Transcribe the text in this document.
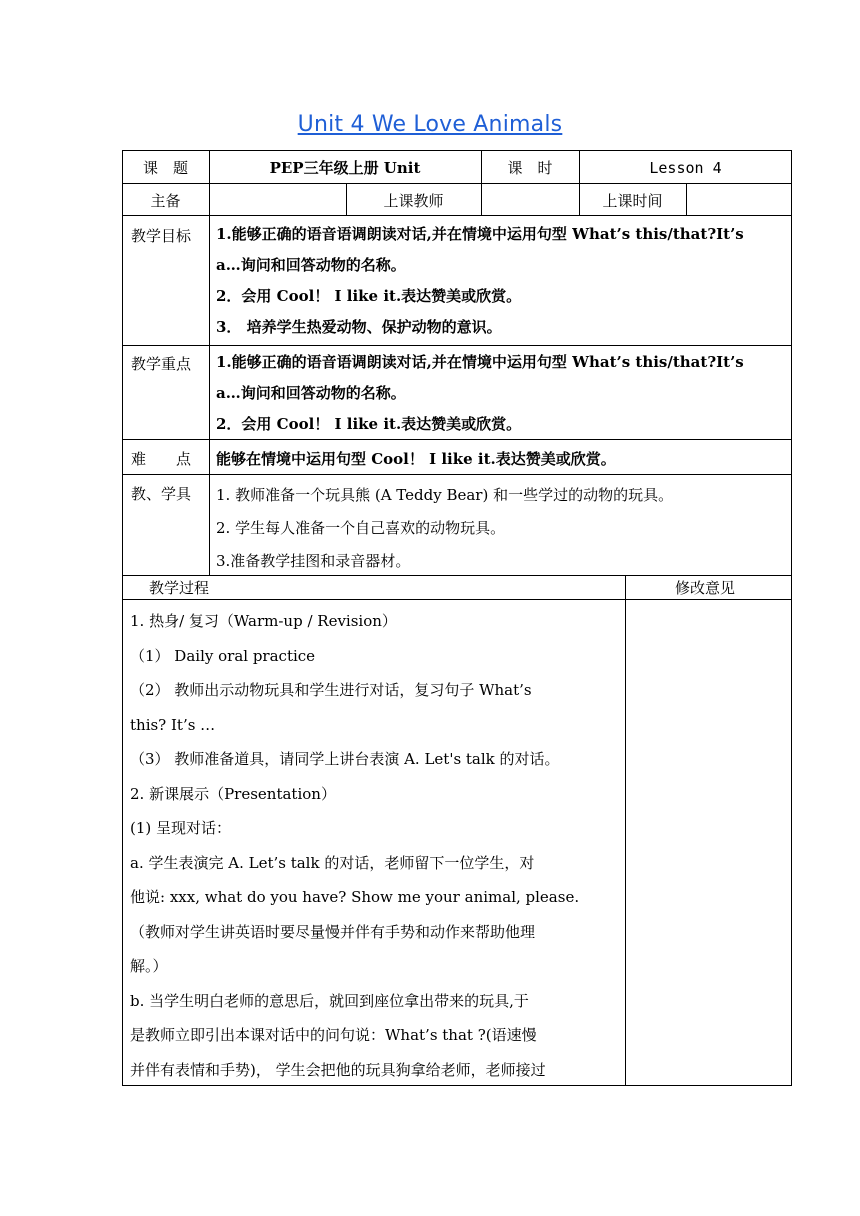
Unit 4 We Love Animals
课　题	PEP三年级上册 Unit	课　时	Lesson 4
主备	上课教师	上课时间
教学目标 1.能够正确的语音语调朗读对话,并在情境中运用句型 What’s this/that?It’s
a…询问和回答动物的名称。
2．会用 Cool！ I like it.表达赞美或欣赏。
3． 培养学生热爱动物、保护动物的意识。
教学重点 1.能够正确的语音语调朗读对话,并在情境中运用句型 What’s this/that?It’s
a…询问和回答动物的名称。
2．会用 Cool！ I like it.表达赞美或欣赏。
难　　点 能够在情境中运用句型 Cool！ I like it.表达赞美或欣赏。
教、学具 1. 教师准备一个玩具熊 (A Teddy Bear) 和一些学过的动物的玩具。
2. 学生每人准备一个自己喜欢的动物玩具。
3.准备教学挂图和录音器材。
教学过程	修改意见
1. 热身/ 复习（Warm-up / Revision）
（1） Daily oral practice
（2） 教师出示动物玩具和学生进行对话，复习句子 What’s
this? It’s …
（3） 教师准备道具，请同学上讲台表演 A. Let's talk 的对话。
2. 新课展示（Presentation）
(1) 呈现对话：
a. 学生表演完 A. Let’s talk 的对话，老师留下一位学生，对
他说: xxx, what do you have? Show me your animal, please.
（教师对学生讲英语时要尽量慢并伴有手势和动作来帮助他理
解。）
b. 当学生明白老师的意思后，就回到座位拿出带来的玩具,于
是教师立即引出本课对话中的问句说：What’s that ?(语速慢
并伴有表情和手势)， 学生会把他的玩具狗拿给老师，老师接过
